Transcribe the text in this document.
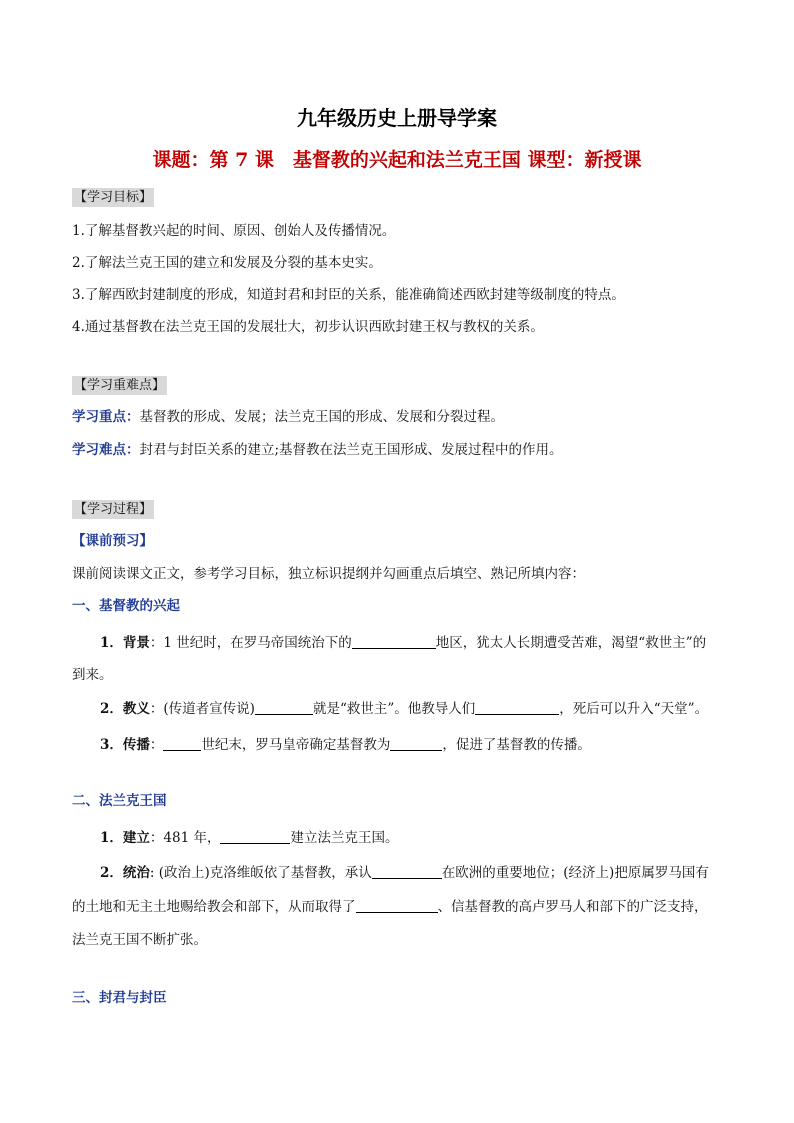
九年级历史上册导学案
课题：第 7 课　基督教的兴起和法兰克王国 课型：新授课
【学习目标】
1.了解基督教兴起的时间、原因、创始人及传播情况。
2.了解法兰克王国的建立和发展及分裂的基本史实。
3.了解西欧封建制度的形成，知道封君和封臣的关系，能准确简述西欧封建等级制度的特点。
4.通过基督教在法兰克王国的发展壮大，初步认识西欧封建王权与教权的关系。
【学习重难点】
学习重点：基督教的形成、发展；法兰克王国的形成、发展和分裂过程。
学习难点：封君与封臣关系的建立;基督教在法兰克王国形成、发展过程中的作用。
【学习过程】
【课前预习】
课前阅读课文正文，参考学习目标，独立标识提纲并勾画重点后填空、熟记所填内容：
一、基督教的兴起
1．背景：1 世纪时，在罗马帝国统治下的	地区，犹太人长期遭受苦难，渴望“救世主”的
到来。
2．教义：(传道者宣传说)	就是“救世主”。他教导人们	，死后可以升入“天堂”。
3．传播：	世纪末，罗马皇帝确定基督教为	，促进了基督教的传播。
二、法兰克王国
1．建立：481 年，	建立法兰克王国。
2．统治: (政治上)克洛维皈依了基督教，承认	在欧洲的重要地位；(经济上)把原属罗马国有
的土地和无主土地赐给教会和部下，从而取得了	、信基督教的高卢罗马人和部下的广泛支持，
法兰克王国不断扩张。
三、封君与封臣
